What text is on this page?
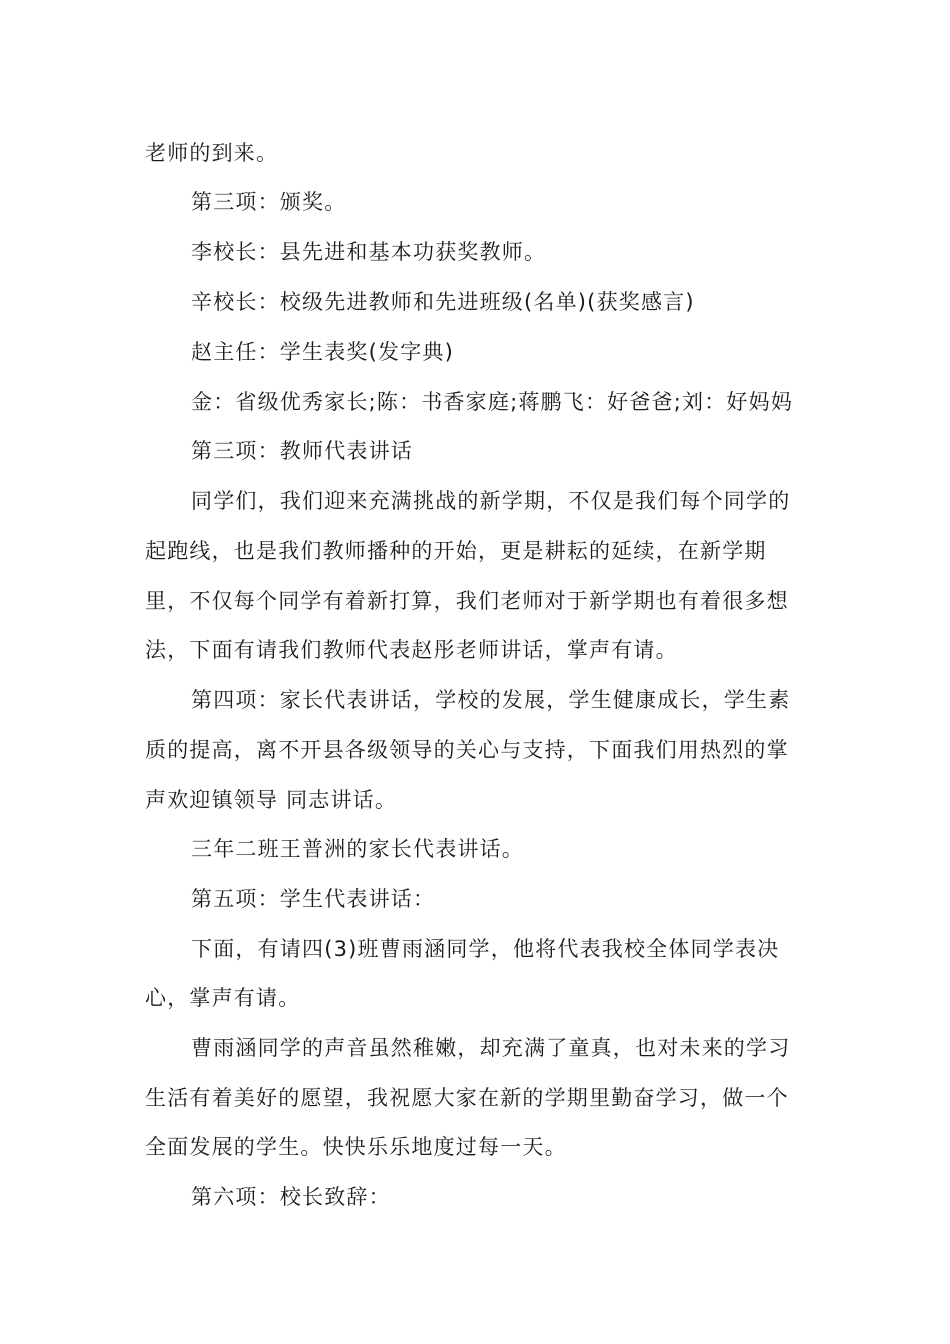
老师的到来。
第三项：颁奖。
李校长：县先进和基本功获奖教师。
辛校长：校级先进教师和先进班级(名单)(获奖感言)
赵主任：学生表奖(发字典)
金：省级优秀家长;陈：书香家庭;蒋鹏飞：好爸爸;刘：好妈妈
第三项：教师代表讲话
同学们，我们迎来充满挑战的新学期，不仅是我们每个同学的
起跑线，也是我们教师播种的开始，更是耕耘的延续，在新学期
里，不仅每个同学有着新打算，我们老师对于新学期也有着很多想
法，下面有请我们教师代表赵彤老师讲话，掌声有请。
第四项：家长代表讲话，学校的发展，学生健康成长，学生素
质的提高，离不开县各级领导的关心与支持，下面我们用热烈的掌
声欢迎镇领导 同志讲话。
三年二班王普洲的家长代表讲话。
第五项：学生代表讲话：
下面，有请四(3)班曹雨涵同学，他将代表我校全体同学表决
心，掌声有请。
曹雨涵同学的声音虽然稚嫩，却充满了童真，也对未来的学习
生活有着美好的愿望，我祝愿大家在新的学期里勤奋学习，做一个
全面发展的学生。快快乐乐地度过每一天。
第六项：校长致辞：
